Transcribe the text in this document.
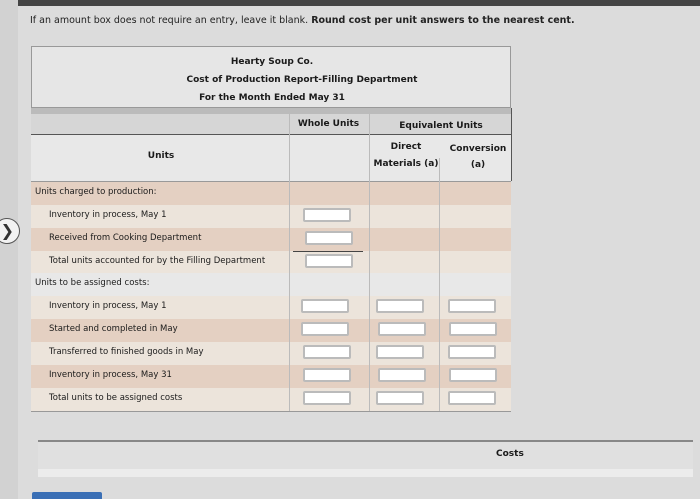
❯
If an amount box does not require an entry, leave it blank. Round cost per unit answers to the nearest cent.
Hearty Soup Co.
Cost of Production Report-Filling Department
For the Month Ended May 31
Whole Units	Equivalent Units
Units
Direct
Materials (a)
Conversion
(a)
Units charged to production:
Inventory in process, May 1
Received from Cooking Department
Total units accounted for by the Filling Department
Units to be assigned costs:
Inventory in process, May 1
Started and completed in May
Transferred to finished goods in May
Inventory in process, May 31
Total units to be assigned costs
Costs
